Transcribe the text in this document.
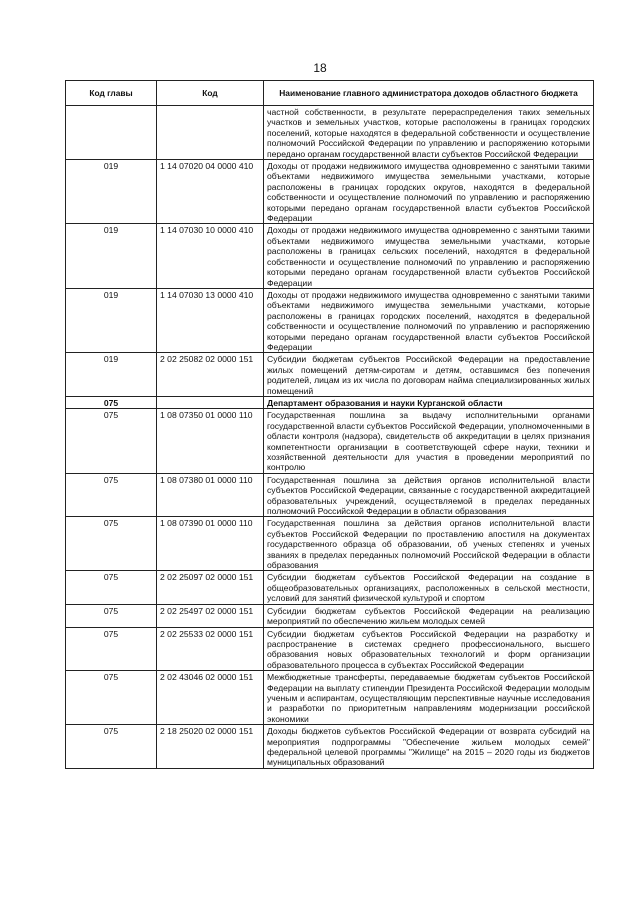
18
Код главы	Код	Наименование главного администратора доходов областного бюджета
		частной собственности, в результате перераспределения таких земельных участков и земельных участков, которые расположены в границах городских поселений, которые находятся в федеральной собственности и осуществление полномочий Российской Федерации по управлению и распоряжению которыми передано органам государственной власти субъектов Российской Федерации
019	1 14 07020 04 0000 410	Доходы от продажи недвижимого имущества одновременно с занятыми такими объектами недвижимого имущества земельными участками, которые расположены в границах городских округов, находятся в федеральной собственности и осуществление полномочий по управлению и распоряжению которыми передано органам государственной власти субъектов Российской Федерации
019	1 14 07030 10 0000 410	Доходы от продажи недвижимого имущества одновременно с занятыми такими объектами недвижимого имущества земельными участками, которые расположены в границах сельских поселений, находятся в федеральной собственности и осуществление полномочий по управлению и распоряжению которыми передано органам государственной власти субъектов Российской Федерации
019	1 14 07030 13 0000 410	Доходы от продажи недвижимого имущества одновременно с занятыми такими объектами недвижимого имущества земельными участками, которые расположены в границах городских поселений, находятся в федеральной собственности и осуществление полномочий по управлению и распоряжению которыми передано органам государственной власти субъектов Российской Федерации
019	2 02 25082 02 0000 151	Субсидии бюджетам субъектов Российской Федерации на предоставление жилых помещений детям-сиротам и детям, оставшимся без попечения родителей, лицам из их числа по договорам найма специализированных жилых помещений
075		Департамент образования и науки Курганской области
075	1 08 07350 01 0000 110	Государственная пошлина за выдачу исполнительными органами государственной власти субъектов Российской Федерации, уполномоченными в области контроля (надзора), свидетельств об аккредитации в целях признания компетентности организации в соответствующей сфере науки, техники и хозяйственной деятельности для участия в проведении мероприятий по контролю
075	1 08 07380 01 0000 110	Государственная пошлина за действия органов исполнительной власти субъектов Российской Федерации, связанные с государственной аккредитацией образовательных учреждений, осуществляемой в пределах переданных полномочий Российской Федерации в области образования
075	1 08 07390 01 0000 110	Государственная пошлина за действия органов исполнительной власти субъектов Российской Федерации по проставлению апостиля на документах государственного образца об образовании, об ученых степенях и ученых званиях в пределах переданных полномочий Российской Федерации в области образования
075	2 02 25097 02 0000 151	Субсидии бюджетам субъектов Российской Федерации на создание в общеобразовательных организациях, расположенных в сельской местности, условий для занятий физической культурой и спортом
075	2 02 25497 02 0000 151	Субсидии бюджетам субъектов Российской Федерации на реализацию мероприятий по обеспечению жильем молодых семей
075	2 02 25533 02 0000 151	Субсидии бюджетам субъектов Российской Федерации на разработку и распространение в системах среднего профессионального, высшего образования новых образовательных технологий и форм организации образовательного процесса в субъектах Российской Федерации
075	2 02 43046 02 0000 151	Межбюджетные трансферты, передаваемые бюджетам субъектов Российской Федерации на выплату стипендии Президента Российской Федерации молодым ученым и аспирантам, осуществляющим перспективные научные исследования и разработки по приоритетным направлениям модернизации российской экономики
075	2 18 25020 02 0000 151	Доходы бюджетов субъектов Российской Федерации от возврата субсидий на мероприятия подпрограммы "Обеспечение жильем молодых семей" федеральной целевой программы "Жилище" на 2015 – 2020 годы из бюджетов муниципальных образований
